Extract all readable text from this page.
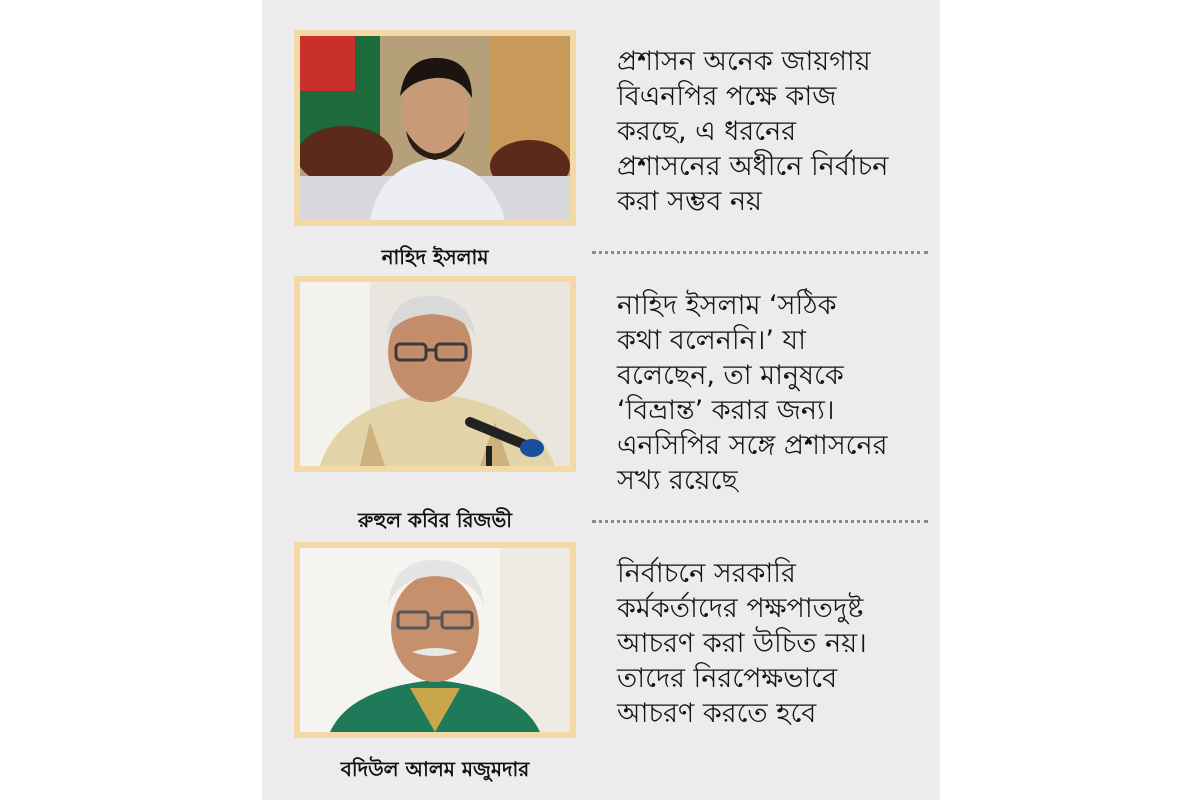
নাহিদ ইসলাম
প্রশাসন অনেক জায়গায়
বিএনপির পক্ষে কাজ
করছে, এ ধরনের
প্রশাসনের অধীনে নির্বাচন
করা সম্ভব নয়
রুহুল কবির রিজভী
নাহিদ ইসলাম ‘সঠিক
কথা বলেননি।’ যা
বলেছেন, তা মানুষকে
‘বিভ্রান্ত’ করার জন্য।
এনসিপির সঙ্গে প্রশাসনের
সখ্য রয়েছে
বদিউল আলম মজুমদার
নির্বাচনে সরকারি
কর্মকর্তাদের পক্ষপাতদুষ্ট
আচরণ করা উচিত নয়।
তাদের নিরপেক্ষভাবে
আচরণ করতে হবে
